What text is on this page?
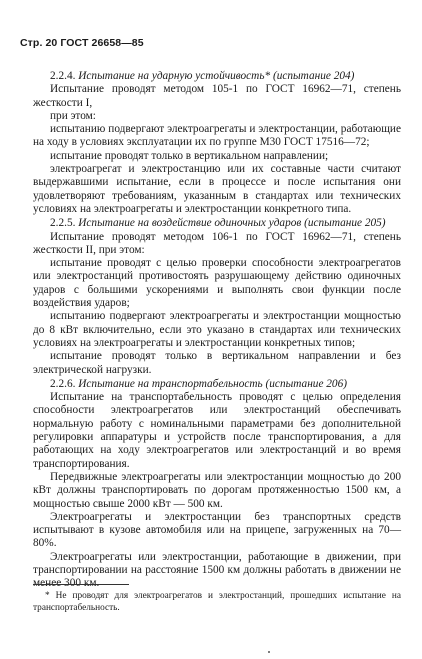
Стр. 20 ГОСТ 26658—85

2.2.4. Испытание на ударную устойчивость* (испытание 204)

Испытание проводят методом 105-1 по ГОСТ 16962—71, степень жесткости I,

при этом:

испытанию подвергают электроагрегаты и электростанции, работающие на ходу в условиях эксплуатации их по группе М30 ГОСТ 17516—72;

испытание проводят только в вертикальном направлении;

электроагрегат и электростанцию или их составные части считают выдержавшими испытание, если в процессе и после испытания они удовлетворяют требованиям, указанным в стандартах или технических условиях на электроагрегаты и электростанции конкретного типа.

2.2.5. Испытание на воздействие одиночных ударов (испытание 205)

Испытание проводят методом 106-1 по ГОСТ 16962—71, степень жесткости II, при этом:

испытание проводят с целью проверки способности электроагрегатов или электростанций противостоять разрушающему действию одиночных ударов с большими ускорениями и выполнять свои функции после воздействия ударов;

испытанию подвергают электроагрегаты и электростанции мощностью до 8 кВт включительно, если это указано в стандартах или технических условиях на электроагрегаты и электростанции конкретных типов;

испытание проводят только в вертикальном направлении и без электрической нагрузки.

2.2.6. Испытание на транспортабельность (испытание 206)

Испытание на транспортабельность проводят с целью определения способности электроагрегатов или электростанций обеспечивать нормальную работу с номинальными параметрами без дополнительной регулировки аппаратуры и устройств после транспортирования, а для работающих на ходу электроагрегатов или электростанций и во время транспортирования.

Передвижные электроагрегаты или электростанции мощностью до 200 кВт должны транспортировать по дорогам протяженностью 1500 км, а мощностью свыше 2000 кВт — 500 км.

Электроагрегаты и электростанции без транспортных средств испытывают в кузове автомобиля или на прицепе, загруженных на 70—80%.

Электроагрегаты или электростанции, работающие в движении, при транспортировании на расстояние 1500 км должны работать в движении не менее 300 км.

* Не проводят для электроагрегатов и электростанций, прошедших испытание на транспортабельность.
